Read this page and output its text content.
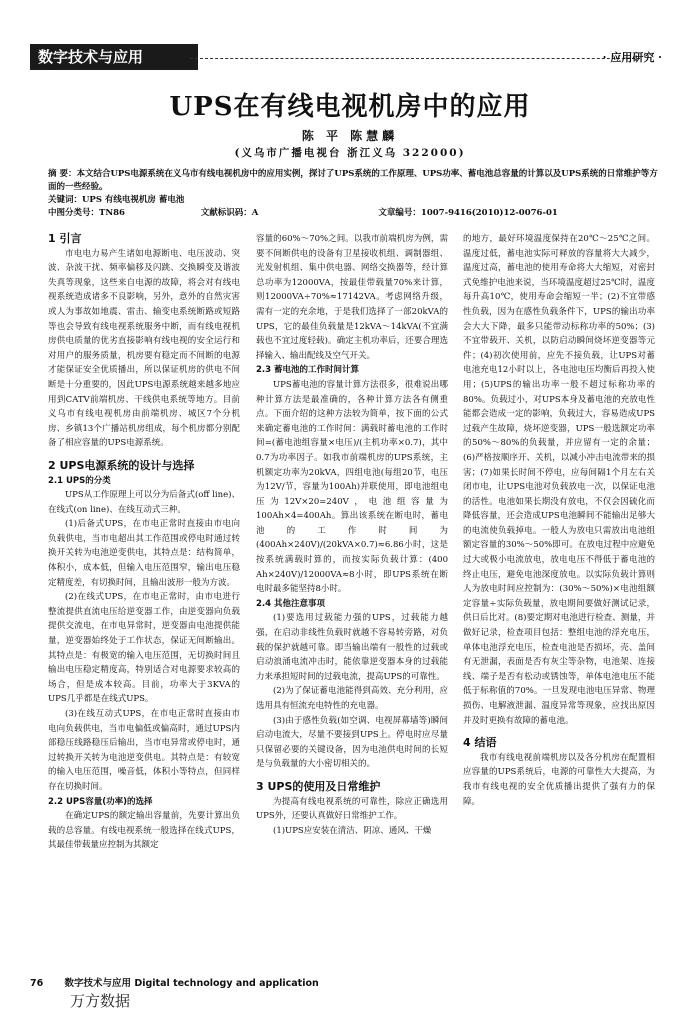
数字技术与应用	· 应用研究 ·
UPS在有线电视机房中的应用
陈 平 陈慧麟
(义乌市广播电视台 浙江义乌 322000)
摘 要：本文结合UPS电源系统在义乌市有线电视机房中的应用实例，探讨了UPS系统的工作原理、UPS功率、蓄电池总容量的计算以及UPS系统的日常维护等方面的一些经验。
关键词：UPS 有线电视机房 蓄电池
中图分类号：TN86	文献标识码：A	文章编号：1007-9416(2010)12-0076-01

1 引言

市电电力易产生诸如电源断电、电压波动、突波、杂波干扰、频率偏移及闪跳、交换瞬变及谐波失真等现象，这些来自电源的故障，将会对有线电视系统造成诸多不良影响，另外，意外的自然灾害或人为事故如地震、雷击、输变电系统断路或短路等也会导致有线电视系统服务中断，而有线电视机房供电质量的优劣直接影响有线电视的安全运行和对用户的服务质量，机房要有稳定而不间断的电源才能保证安全优质播出，所以保证机房的供电不间断是十分重要的，因此UPS电源系统越来越多地应用到CATV前端机房、干线供电系统等地方。目前义乌市有线电视机房由前端机房、城区7个分机房、乡镇13个广播站机房组成，每个机房都分别配备了相应容量的UPS电源系统。

2 UPS电源系统的设计与选择

2.1 UPS的分类

UPS从工作原理上可以分为后备式(off line)、在线式(on line)、在线互动式三种。

(1)后备式UPS，在市电正常时直接由市电向负载供电，当市电超出其工作范围或停电时通过转换开关转为电池逆变供电，其特点是：结构简单，体积小，成本低，但输入电压范围窄，输出电压稳定精度差，有切换时间，且输出波形一般为方波。

(2)在线式UPS，在市电正常时，由市电进行整流提供直流电压给逆变器工作，由逆变器向负载提供交流电，在市电异常时，逆变器由电池提供能量，逆变器始终处于工作状态，保证无间断输出。其特点是：有极宽的输入电压范围，无切换时间且输出电压稳定精度高，特别适合对电源要求较高的场合，但是成本较高。目前，功率大于3KVA的UPS几乎都是在线式UPS。

(3)在线互动式UPS，在市电正常时直接由市电向负载供电，当市电偏低或偏高时，通过UPS内部稳压线路稳压后输出，当市电异常或停电时，通过转换开关转为电池逆变供电。其特点是：有较宽的输入电压范围，噪音低，体积小等特点，但同样存在切换时间。

2.2 UPS容量(功率)的选择

在确定UPS的额定输出容量前，先要计算出负载的总容量。有线电视系统一般选择在线式UPS，其最佳带载量应控制为其额定

容量的60%～70%之间。以我市前端机房为例，需要不间断供电的设备有卫星接收机组、调制器组、光发射机组、集中供电器、网络交换器等，经计算总功率为12000VA，按最佳带载量70%来计算，则12000VA÷70%≈17142VA。考虑网络升级，需有一定的充余地，于是我们选择了一部20kVA的UPS，它的最佳负载量是12kVA～14kVA(不宜满载也不宜过度轻载)。确定主机功率后，还要合理选择输入、输出配线及空气开关。

2.3 蓄电池的工作时间计算

UPS蓄电池的容量计算方法很多，很难说出哪种计算方法是最准确的，各种计算方法各有侧重点。下面介绍的这种方法较为简单，按下面的公式来确定蓄电池的工作时间：满载时蓄电池的工作时间=(蓄电池组容量×电压)/(主机功率×0.7)，其中0.7为功率因子。如我市前端机房的UPS系统，主机额定功率为20kVA，四组电池(每组20节，电压为12V/节，容量为100Ah)并联使用，即电池组电压为12V×20=240V，电池组容量为100Ah×4=400Ah。算出该系统在断电时，蓄电池的工作时间为(400Ah×240V)/(20kVA×0.7)≈6.86小时，这是按系统满载时算的，而按实际负载计算：(400 Ah×240V)/12000VA≈8小时，即UPS系统在断电时最多能坚持8小时。

2.4 其他注意事项

(1)要选用过载能力强的UPS，过载能力越强，在启动非线性负载时就越不容易转旁路，对负载的保护就越可靠。即当输出端有一般性的过载或启动浪涌电流冲击时，能依靠逆变器本身的过载能力来承担短时间的过载电流，提高UPS的可靠性。

(2)为了保证蓄电池能得到高效、充分利用，应选用具有恒流充电特性的充电器。

(3)由于感性负载(如空调、电视屏幕墙等)瞬间启动电流大，尽量不要接到UPS上。停电时应尽量只保留必要的关键设备，因为电池供电时间的长短是与负载量的大小密切相关的。

3 UPS的使用及日常维护

为提高有线电视系统的可靠性，除应正确选用UPS外，还要认真做好日常维护工作。

(1)UPS应安装在清洁、阴凉、通风、干燥

的地方，最好环境温度保持在20℃～25℃之间。温度过低，蓄电池实际可释放的容量将大大减少，温度过高，蓄电池的使用寿命将大大缩短，对密封式免维护电池来说，当环境温度超过25℃时，温度每升高10℃，使用寿命会缩短一半；(2)不宜带感性负载，因为在感性负载条件下，UPS的输出功率会大大下降，最多只能带动标称功率的50%；(3)不宜带载开、关机，以防启动瞬间烧坏逆变器等元件；(4)初次使用前，应先不接负载，让UPS对蓄电池充电12小时以上，各电池电压均衡后再投入使用；(5)UPS的输出功率一般不超过标称功率的80%。负载过小，对UPS本身及蓄电池的充放电性能都会造成一定的影响，负载过大，容易造成UPS过载产生故障，烧坏逆变器，UPS一般选额定功率的50%～80%的负载量，并应留有一定的余量；(6)严格按顺序开、关机，以减小冲击电流带来的损害；(7)如果长时间不停电，应每间隔1个月左右关闭市电，让UPS电池对负载放电一次，以保证电池的活性。电池如果长期没有放电，不仅会因硫化而降低容量，还会造成UPS电池瞬间不能输出足够大的电流使负载掉电。一般人为放电只需放出电池组额定容量的30%～50%即可。在放电过程中应避免过大或极小电流放电，放电电压不得低于蓄电池的终止电压，避免电池深度放电。以实际负载计算则人为放电时间应控制为：(30%～50%)×电池组额定容量÷实际负载量，放电期间要做好测试记录，供日后比对。(8)要定期对电池进行检查、测量，并做好记录，检查项目包括：整组电池的浮充电压，单体电池浮充电压，检查电池是否损坏，壳、盖间有无泄漏，表面是否有灰尘等杂物，电池架、连接线、端子是否有松动或锈蚀等，单体电池电压不能低于标称值的70%。一旦发现电池电压异常、物理损伤、电解液泄漏、温度异常等现象，应找出原因并及时更换有故障的蓄电池。

4 结语

我市有线电视前端机房以及各分机房在配置相应容量的UPS系统后，电源的可靠性大大提高，为我市有线电视的安全优质播出提供了强有力的保障。

76 数字技术与应用 Digital technology and application
万方数据
